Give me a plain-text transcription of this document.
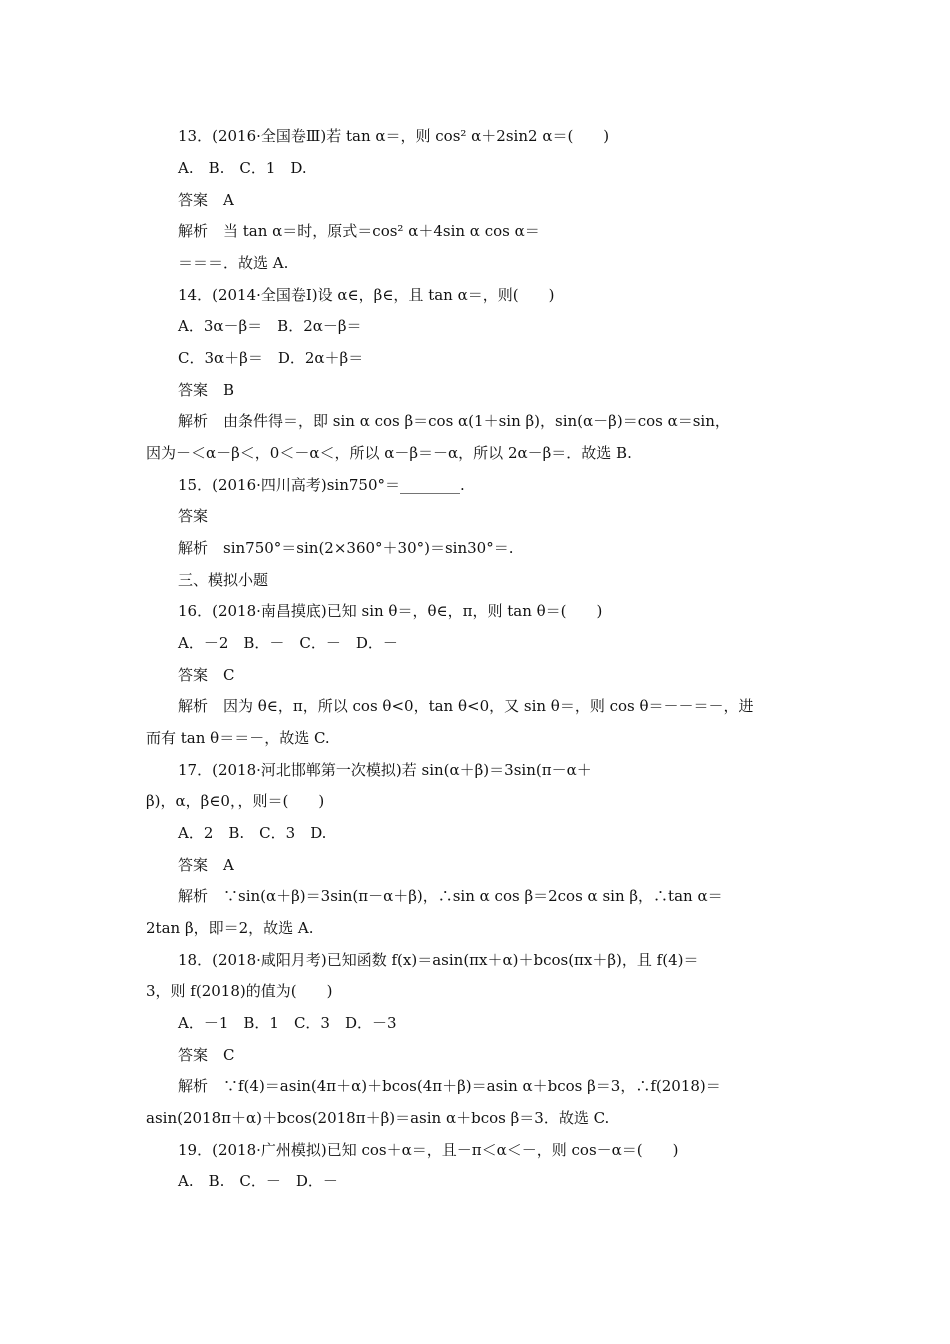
13．(2016·全国卷Ⅲ)若 tan α＝，则 cos² α＋2sin2 α＝(　　)
A.　B.　C．1　D.
答案　A
解析　当 tan α＝时，原式＝cos² α＋4sin α cos α＝
＝＝＝．故选 A.
14．(2014·全国卷Ⅰ)设 α∈，β∈，且 tan α＝，则(　　)
A．3α－β＝　B．2α－β＝
C．3α＋β＝　D．2α＋β＝
答案　B
解析　由条件得＝，即 sin α cos β＝cos α(1＋sin β)，sin(α－β)＝cos α＝sin，
因为－＜α－β＜，0＜－α＜，所以 α－β＝－α，所以 2α－β＝．故选 B.
15．(2016·四川高考)sin750°＝________.
答案
解析　sin750°＝sin(2×360°＋30°)＝sin30°＝.
三、模拟小题
16．(2018·南昌摸底)已知 sin θ＝，θ∈，π，则 tan θ＝(　　)
A．－2　B．－　C．－　D．－
答案　C
解析　因为 θ∈，π，所以 cos θ<0，tan θ<0，又 sin θ＝，则 cos θ＝－－＝－，进
而有 tan θ＝＝－，故选 C.
17．(2018·河北邯郸第一次模拟)若 sin(α＋β)＝3sin(π－α＋
β)，α，β∈0，，则＝(　　)
A．2　B.　C．3　D.
答案　A
解析　∵sin(α＋β)＝3sin(π－α＋β)，∴sin α cos β＝2cos α sin β，∴tan α＝
2tan β，即＝2，故选 A.
18．(2018·咸阳月考)已知函数 f(x)＝asin(πx＋α)＋bcos(πx＋β)，且 f(4)＝
3，则 f(2018)的值为(　　)
A．－1　B．1　C．3　D．－3
答案　C
解析　∵f(4)＝asin(4π＋α)＋bcos(4π＋β)＝asin α＋bcos β＝3，∴f(2018)＝
asin(2018π＋α)＋bcos(2018π＋β)＝asin α＋bcos β＝3．故选 C.
19．(2018·广州模拟)已知 cos＋α＝，且－π＜α＜－，则 cos－α＝(　　)
A.　B.　C．－　D．－
